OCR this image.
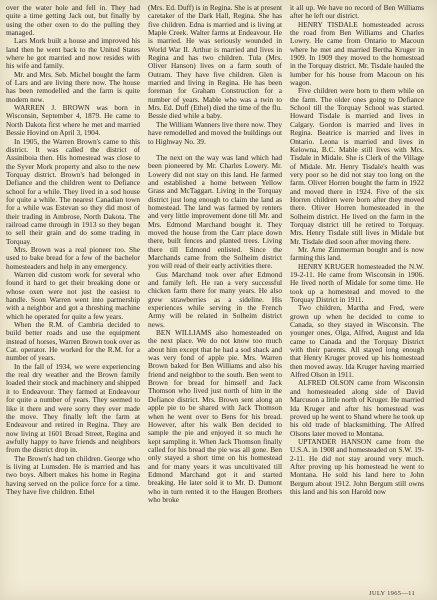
over the water hole and fell in. They had quite a time getting Jack out, but finally by using the other oxen to do the pulling they managed.

Lars Mork built a house and improved his land then he went back to the United States where he got married and now resides with his wife and family.

Mr. and Mrs. Seb. Michel bought the farm of Lars and are living there now. The house has been remodelled and the farm is quite modern now.

WARREN J. BROWN was born in Wisconsin, September 4, 1879. He came to North Dakota first where he met and married Bessie Hovind on April 3, 1904.

In 1905, the Warren Brown's came to this district. It was called the district of Assiniboia then. His homestead was close to the Syver Mork property and also to the new Torquay district. Brown's had belonged in Defiance and the children went to Defiance school for a while. They lived in a sod house for quite a while. The nearest Canadian town for a while was Estevan so they did most of their trading in Ambrose, North Dakota. The railroad came through in 1913 so they began to sell their grain and do some trading in Torquay.

Mrs. Brown was a real pioneer too. She used to bake bread for a few of the bachelor homesteaders and help in any emergency.

Warren did custom work for several who found it hard to get their breaking done or whose oxen were not just the easiest to handle. Soon Warren went into partnership with a neighbor and got a threshing machine which he operated for quite a few years.

When the R.M. of Cambria decided to build better roads and use the equipment instead of horses, Warren Brown took over as Cat. operator. He worked for the R.M. for a number of years.

In the fall of 1934, we were experiencing the real dry weather and the Brown family loaded their stock and machinery and shipped it to Endeavour. They farmed at Endeavour for quite a number of years. They seemed to like it there and were sorry they ever made the move. They finally left the farm at Endeavour and retired in Regina. They are now living at 1601 Broad Street, Regina and awfully happy to have friends and neighbors from the district drop in.

The Brown's had ten children. George who is living at Lumsden. He is married and has two boys. Albert makes his home in Regina having served on the police force for a time. They have five children. Ethel

(Mrs. Ed. Duff) is in Regina. She is at present caretaker of the Dark Hall, Regina. She has five children. Edna is married and is living at Maple Creek. Walter farms at Endeavour. He is married. He was seriously wounded in World War II. Arthur is married and lives in Regina and has two children. Tula (Mrs. Oliver Hanson) lives on a farm south of Outram. They have five children. Glen is married and living in Regina. He has been foreman for Graham Construction for a number of years. Mable who was a twin to Mrs. Ed. Duff (Ethel) died the time of the flu. Bessie died while a baby.

The William Wanners live there now. They have remodelled and moved the buildings out to Highway No. 39.

The next on the way was land which had been pioneered by Mr. Charles Lowery. Mr. Lowery did not stay on this land. He farmed and established a home between Yellow Grass and McTaggart. Living in the Torquay district just long enough to claim the land as homestead. The land was farmed by renters and very little improvement done till Mr. and Mrs. Edmond Marchand bought it. They moved the house from the Carr place down there, built fences and planted trees. Living there till Edmond enlisted. Since the Marchands came from the Solheim district you will read of their early activities there.

Gus Marchand took over after Edmond and family left. He ran a very successful chicken farm there for many years. He also grew strawberries as a sideline. His experiences while serving in the French Army will be related in Solheim district news.

BEN WILLIAMS also homesteaded on the next place. We do not know too much about him except that he had a sod shack and was very fond of apple pie. Mrs. Warren Brown baked for Ben Williams and also his friend and neighbor to the south. Ben went to Brown for bread for himself and Jack Thomson who lived just north of him in the Defiance district. Mrs. Brown sent along an apple pie to be shared with Jack Thomson when he went over to Bens for his bread. However, after his walk Ben decided to sample the pie and enjoyed it so much he kept sampling it. When Jack Thomson finally called for his bread the pie was all gone. Ben only stayed a short time on his homestead and for many years it was uncultivated till Edmond Marchand got it and started breaking. He later sold it to Mr. D. Dumont who in turn rented it to the Haugen Brothers who broke

it all up. We have no record of Ben Williams after he left our district.

HENRY TISDALE homesteaded across the road from Ben Williams and Charles Lowry. He came from Ontario to Macoun where he met and married Bertha Kruger in 1909. In 1909 they moved to the homestead in the Torquay district. Mr. Tisdale hauled the lumber for his house from Macoun on his wagon.

Five children were born to them while on the farm. The older ones going to Defiance School till the Torquay School was started. Howard Tisdale is married and lives in Calgary. Gordon is married and lives in Regina. Beatrice is married and lives in Ontario. Leona is married and lives in Kelowna, B.C. Mable still lives with Mrs. Tisdale in Midale. She is Clerk of the Village of Midale. Mr. Henry Tisdale's health was very poor so he did not stay too long on the farm. Oliver Horren bought the farm in 1922 and moved there in 1924. Five of the six Horren children were born after they moved there. Oliver Horren homesteaded in the Solheim district. He lived on the farm in the Torquay district till he retired to Torquay. Mrs. Henry Tisdale still lives in Midale but Mr. Tisdale died soon after moving there.

Mr. Arne Zimmerman bought and is now farming this land.

HENRY KRUGER homesteaded the N.W. 19-2-11. He came from Wisconsin in 1906. He lived north of Midale for some time. He took up a homestead and moved to the Torquay District in 1911.

Two children, Martha and Fred, were grown up when he decided to come to Canada, so they stayed in Wisconsin. The younger ones, Olga, Alfred, August and Ida came to Canada and the Torquay District with their parents. All stayed long enough that Henry Kruger proved up his homestead then moved away. Ida Kruger having married Alfred Olson in 1911.

ALFRED OLSON came from Wisconsin and homesteaded along side of David Marcuson a little north of Kruger. He married Ida Kruger and after his homestead was proved up he went to Shand where he took up his old trade of blacksmithing. The Alfred Olsons later moved to Montana.

UPTANDER HANSON came from the U.S.A. in 1908 and homesteaded on S.W. 19-2-11. He did not stay around very much. After proving up his homestead he went to Montana. He sold his land here to John Bergum about 1912. John Bergum still owns this land and his son Harold now

JULY 1965—11
